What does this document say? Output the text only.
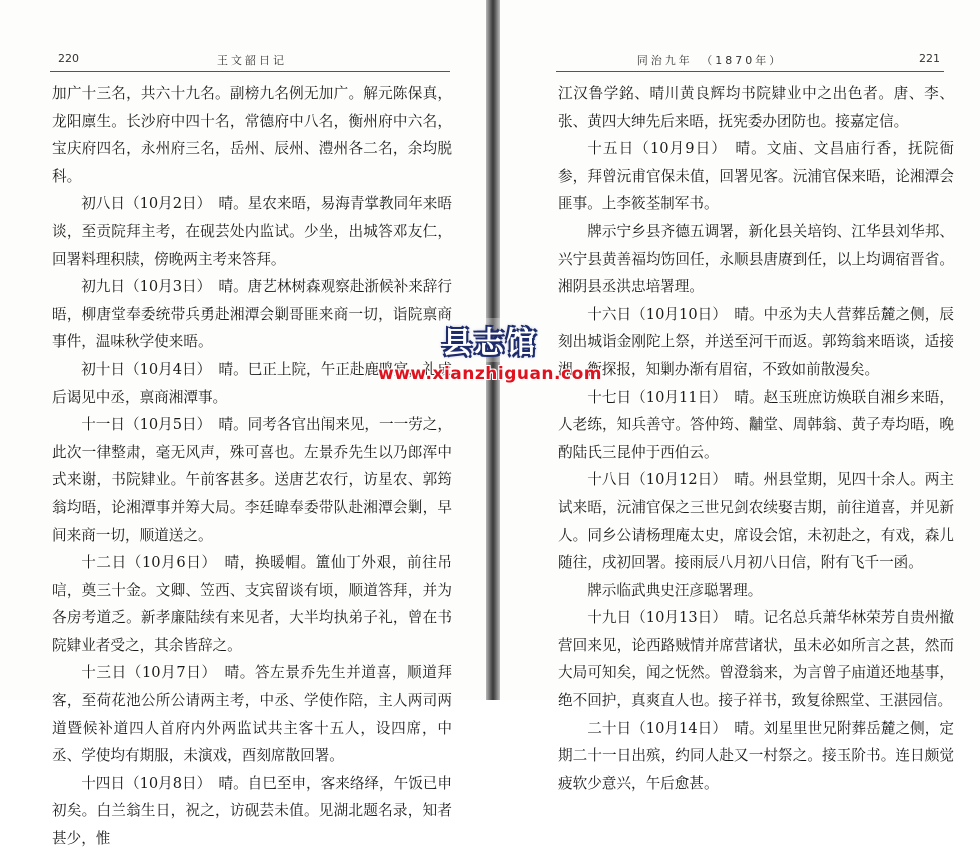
220	王文韶日记

加广十三名，共六十九名。副榜九名例无加广。解元陈保真，龙阳廪生。长沙府中四十名，常德府中八名，衡州府中六名，宝庆府四名，永州府三名，岳州、辰州、澧州各二名，余均脱科。

初八日（10月2日）　晴。星农来晤，易海青掌教同年来晤谈，至贡院拜主考，在砚芸处内监试。少坐，出城答邓友仁，回署料理积牍，傍晚两主考来答拜。

初九日（10月3日）　晴。唐艺林树森观察赴浙候补来辞行晤，柳唐堂奉委统带兵勇赴湘潭会剿哥匪来商一切，诣院禀商事件，温味秋学使来晤。

初十日（10月4日）　晴。巳正上院，午正赴鹿鸣宴，礼成后谒见中丞，禀商湘潭事。

十一日（10月5日）　晴。同考各官出闱来见，一一劳之，此次一律整肃，毫无风声，殊可喜也。左景乔先生以乃郎浑中式来谢，书院肄业。午前客甚多。送唐艺农行，访星农、郭筠翁均晤，论湘潭事并筹大局。李廷暐奉委带队赴湘潭会剿，早间来商一切，顺道送之。

十二日（10月6日）　晴，换暖帽。簠仙丁外艰，前往吊唁，奠三十金。文卿、笠西、支宾留谈有顷，顺道答拜，并为各房考道乏。新孝廉陆续有来见者，大半均执弟子礼，曾在书院肄业者受之，其余皆辞之。

十三日（10月7日）　晴。答左景乔先生并道喜，顺道拜客，至荷花池公所公请两主考，中丞、学使作陪，主人两司两道暨候补道四人首府内外两监试共主客十五人，设四席，中丞、学使均有期服，未演戏，酉刻席散回署。

十四日（10月8日）　晴。自巳至申，客来络绎，午饭已申初矣。白兰翁生日，祝之，访砚芸未值。见湖北题名录，知者甚少，惟

同治九年　（1870年）	221

江汉鲁学銘、晴川黄良辉均书院肄业中之出色者。唐、李、张、黄四大绅先后来晤，抚宪委办团防也。接嘉定信。

十五日（10月9日）　晴。文庙、文昌庙行香，抚院衙参，拜曾沅甫官保未值，回署见客。沅浦官保来晤，论湘潭会匪事。上李筱荃制军书。

牌示宁乡县齐德五调署，新化县关培钧、江华县刘华邦、兴宁县黄善福均饬回任，永顺县唐赓到任，以上均调宿晋省。湘阴县丞洪忠培署理。

十六日（10月10日）　晴。中丞为夫人营葬岳麓之侧，辰刻出城诣金刚陀上祭，并送至河干而返。郭筠翁来晤谈，适接湘、衡探报，知剿办渐有眉宿，不致如前散漫矣。

十七日（10月11日）　晴。赵玉班庶访焕联自湘乡来晤，人老练，知兵善守。答仲筠、黼堂、周韩翁、黄子寿均晤，晚酌陆氏三昆仲于西伯云。

十八日（10月12日）　晴。州县堂期，见四十余人。两主试来晤，沅浦官保之三世兄剑农续娶吉期，前往道喜，并见新人。同乡公请杨理庵太史，席设会馆，未初赴之，有戏，森儿随往，戌初回署。接雨辰八月初八日信，附有飞千一函。

牌示临武典史汪彦聪署理。

十九日（10月13日）　晴。记名总兵萧华林荣芳自贵州撤营回来见，论西路贼情并席营诸状，虽未必如所言之甚，然而大局可知矣，闻之怃然。曾澄翁来，为言曾子庙道还地基事，绝不回护，真爽直人也。接子祥书，致复徐熙堂、王湛园信。

二十日（10月14日）　晴。刘星里世兄附葬岳麓之侧，定期二十一日出殡，约同人赴又一村祭之。接玉阶书。连日颇觉疲软少意兴，午后愈甚。

县志馆
www.xianzhiguan.com
